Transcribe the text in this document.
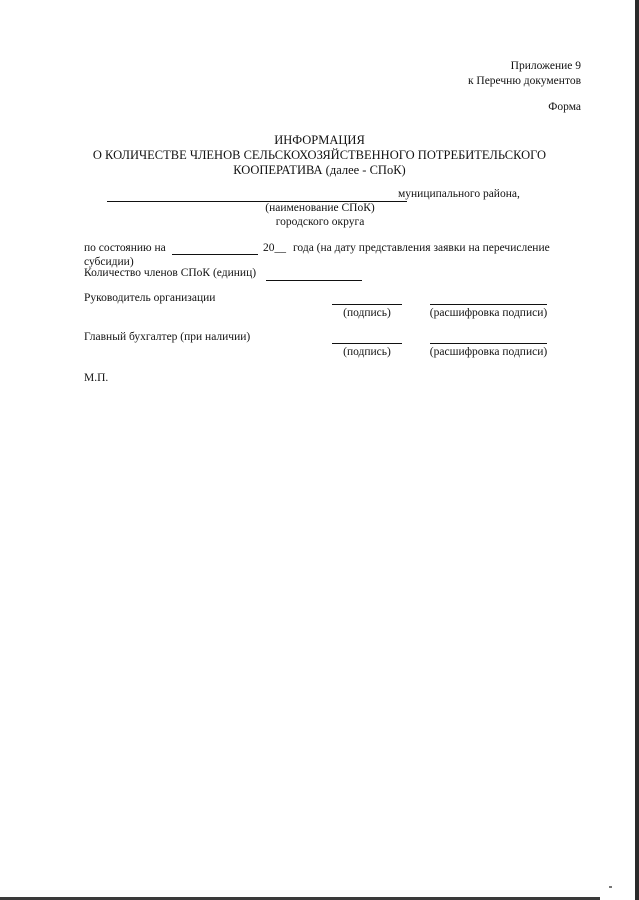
Приложение 9
к Перечню документов
Форма
ИНФОРМАЦИЯ
О КОЛИЧЕСТВЕ ЧЛЕНОВ СЕЛЬСКОХОЗЯЙСТВЕННОГО ПОТРЕБИТЕЛЬСКОГО
КООПЕРАТИВА (далее - СПоК)
муниципального района,
(наименование СПоК)
городского округа
по состоянию на	20__ года (на дату представления заявки на перечисление
субсидии)
Количество членов СПоК (единиц)
Руководитель организации
(подпись)	(расшифровка подписи)
Главный бухгалтер (при наличии)
(подпись)	(расшифровка подписи)
М.П.
